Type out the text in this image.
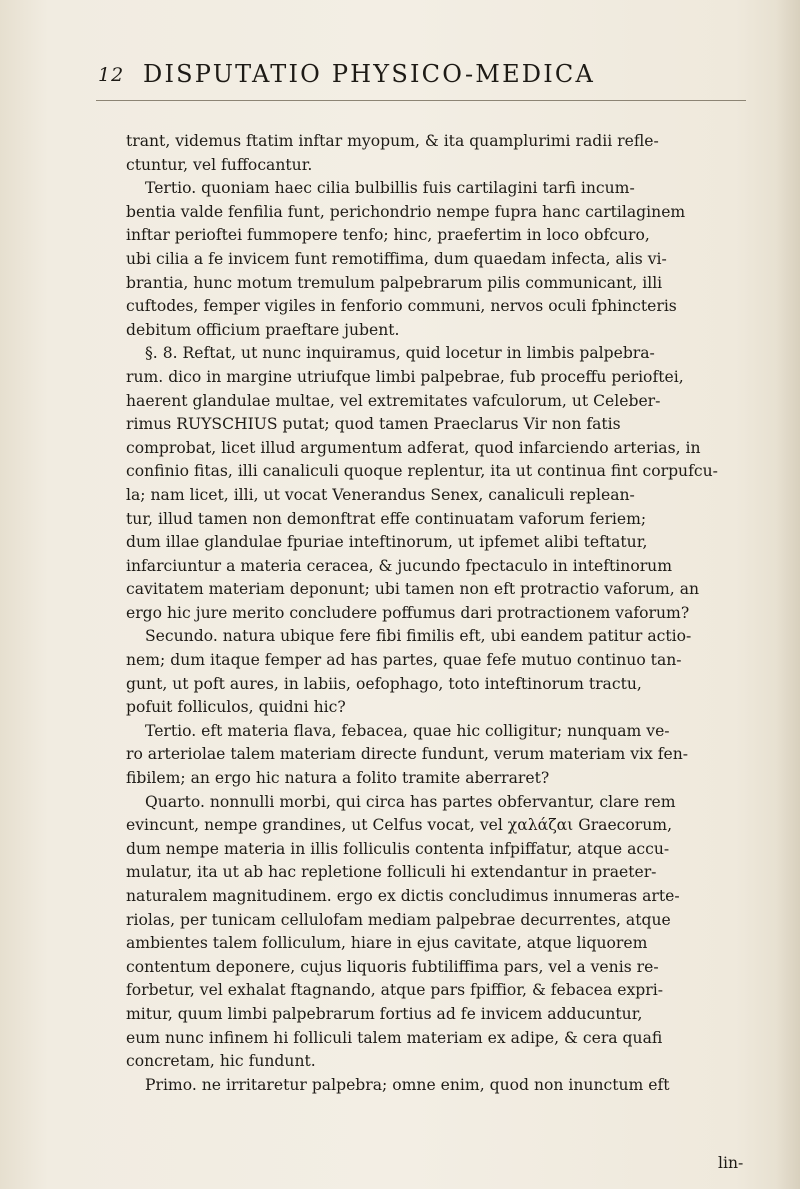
12 DISPUTATIO PHYSICO-MEDICA
trant, videmus ftatim inftar myopum, & ita quamplurimi radii refle-
ctuntur, vel fuffocantur.
Tertio. quoniam haec cilia bulbillis fuis cartilagini tarfi incum-
bentia valde fenfilia funt, perichondrio nempe fupra hanc cartilaginem
inftar perioftei fummopere tenfo; hinc, praefertim in loco obfcuro,
ubi cilia a fe invicem funt remotiffima, dum quaedam infecta, alis vi-
brantia, hunc motum tremulum palpebrarum pilis communicant, illi
cuftodes, femper vigiles in fenforio communi, nervos oculi fphincteris
debitum officium praeftare jubent.
§. 8. Reftat, ut nunc inquiramus, quid locetur in limbis palpebra-
rum. dico in margine utriufque limbi palpebrae, fub proceffu perioftei,
haerent glandulae multae, vel extremitates vafculorum, ut Celeber-
rimus RUYSCHIUS putat; quod tamen Praeclarus Vir non fatis
comprobat, licet illud argumentum adferat, quod infarciendo arterias, in
confinio fitas, illi canaliculi quoque replentur, ita ut continua fint corpufcu-
la; nam licet, illi, ut vocat Venerandus Senex, canaliculi replean-
tur, illud tamen non demonftrat effe continuatam vaforum feriem;
dum illae glandulae fpuriae inteftinorum, ut ipfemet alibi teftatur,
infarciuntur a materia ceracea, & jucundo fpectaculo in inteftinorum
cavitatem materiam deponunt; ubi tamen non eft protractio vaforum, an
ergo hic jure merito concludere poffumus dari protractionem vaforum?
Secundo. natura ubique fere fibi fimilis eft, ubi eandem patitur actio-
nem; dum itaque femper ad has partes, quae fefe mutuo continuo tan-
gunt, ut poft aures, in labiis, oefophago, toto inteftinorum tractu,
pofuit folliculos, quidni hic?
Tertio. eft materia flava, febacea, quae hic colligitur; nunquam ve-
ro arteriolae talem materiam directe fundunt, verum materiam vix fen-
fibilem; an ergo hic natura a folito tramite aberraret?
Quarto. nonnulli morbi, qui circa has partes obfervantur, clare rem
evincunt, nempe grandines, ut Celfus vocat, vel χαλάζαι Graecorum,
dum nempe materia in illis folliculis contenta infpiffatur, atque accu-
mulatur, ita ut ab hac repletione folliculi hi extendantur in praeter-
naturalem magnitudinem. ergo ex dictis concludimus innumeras arte-
riolas, per tunicam cellulofam mediam palpebrae decurrentes, atque
ambientes talem folliculum, hiare in ejus cavitate, atque liquorem
contentum deponere, cujus liquoris fubtiliffima pars, vel a venis re-
forbetur, vel exhalat ftagnando, atque pars fpiffior, & febacea expri-
mitur, quum limbi palpebrarum fortius ad fe invicem adducuntur,
eum nunc infinem hi folliculi talem materiam ex adipe, & cera quafi
concretam, hic fundunt.
Primo. ne irritaretur palpebra; omne enim, quod non inunctum eft
lin-
